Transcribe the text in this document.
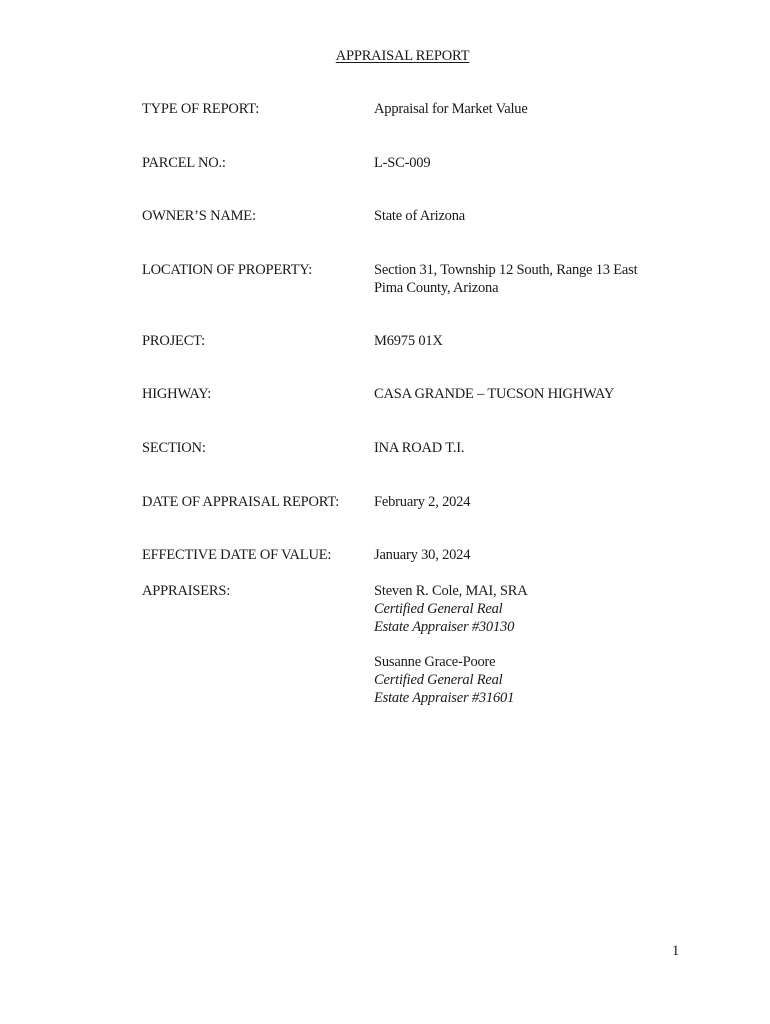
APPRAISAL REPORT
TYPE OF REPORT:	Appraisal for Market Value
PARCEL NO.:	L-SC-009
OWNER’S NAME:	State of Arizona
LOCATION OF PROPERTY:	Section 31, Township 12 South, Range 13 East
Pima County, Arizona
PROJECT:	M6975 01X
HIGHWAY:	CASA GRANDE – TUCSON HIGHWAY
SECTION:	INA ROAD T.I.
DATE OF APPRAISAL REPORT: February 2, 2024
EFFECTIVE DATE OF VALUE:	January 30, 2024
APPRAISERS:	Steven R. Cole, MAI, SRA
Certified General Real
Estate Appraiser #30130
Susanne Grace-Poore
Certified General Real
Estate Appraiser #31601
1
